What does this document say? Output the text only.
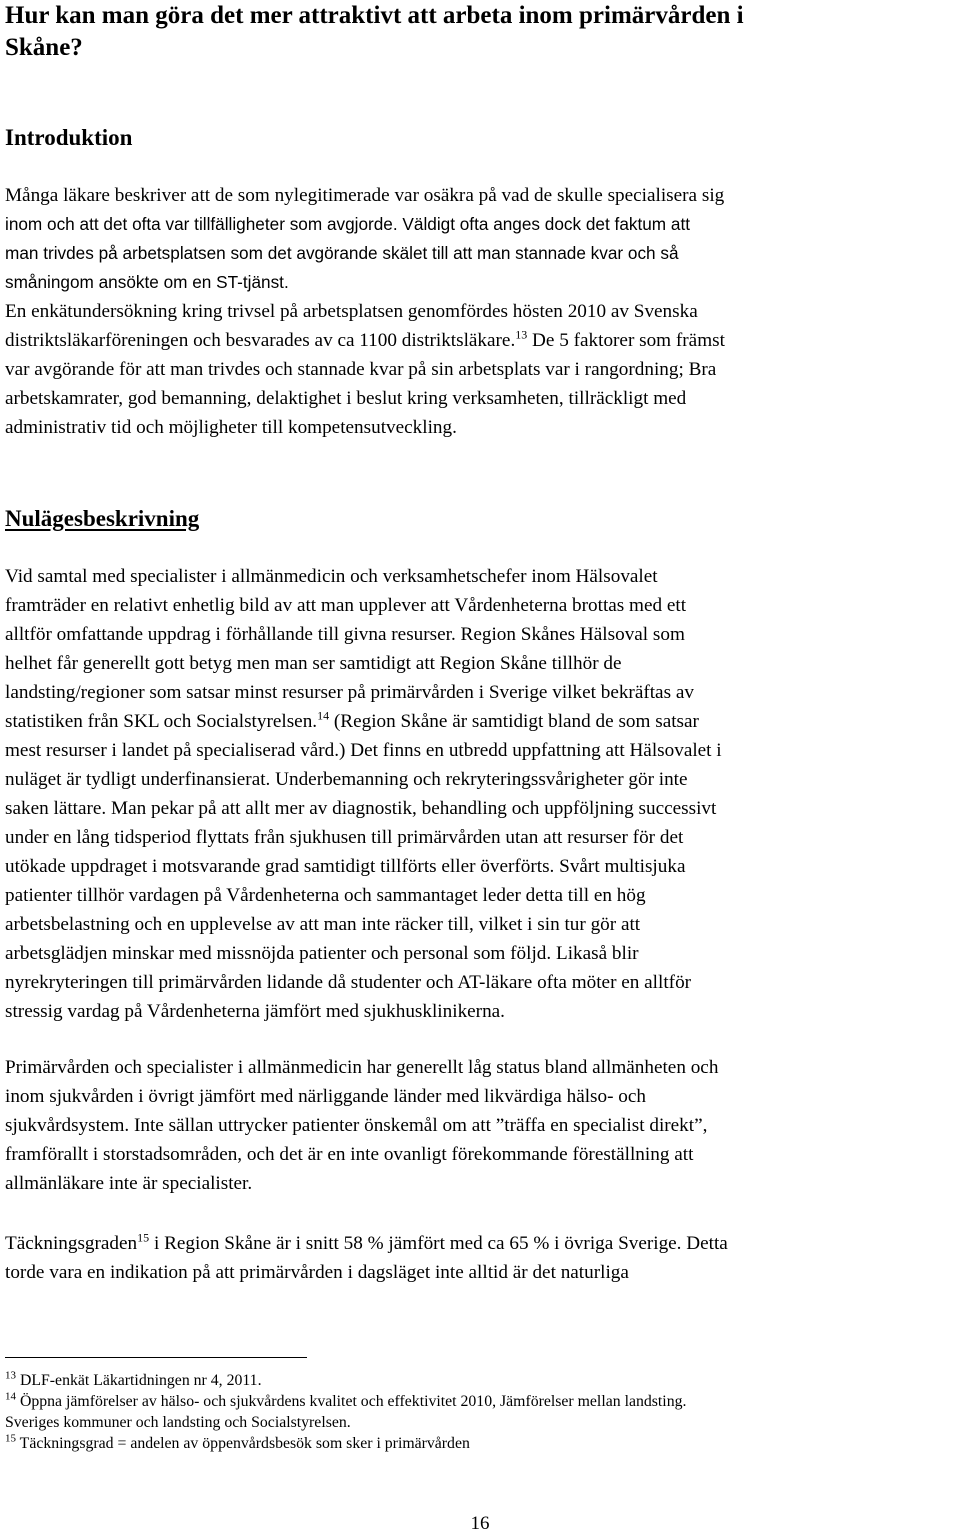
Hur kan man göra det mer attraktivt att arbeta inom primärvården i
Skåne?
Introduktion
Många läkare beskriver att de som nylegitimerade var osäkra på vad de skulle specialisera sig
inom och att det ofta var tillfälligheter som avgjorde. Väldigt ofta anges dock det faktum att
man trivdes på arbetsplatsen som det avgörande skälet till att man stannade kvar och så
småningom ansökte om en ST-tjänst.
En enkätundersökning kring trivsel på arbetsplatsen genomfördes hösten 2010 av Svenska
distriktsläkarföreningen och besvarades av ca 1100 distriktsläkare.$^{13}$ De 5 faktorer som främst
var avgörande för att man trivdes och stannade kvar på sin arbetsplats var i rangordning; Bra
arbetskamrater, god bemanning, delaktighet i beslut kring verksamheten, tillräckligt med
administrativ tid och möjligheter till kompetensutveckling.
Nulägesbeskrivning
Vid samtal med specialister i allmänmedicin och verksamhetschefer inom Hälsovalet
framträder en relativt enhetlig bild av att man upplever att Vårdenheterna brottas med ett
alltför omfattande uppdrag i förhållande till givna resurser. Region Skånes Hälsoval som
helhet får generellt gott betyg men man ser samtidigt att Region Skåne tillhör de
landsting/regioner som satsar minst resurser på primärvården i Sverige vilket bekräftas av
statistiken från SKL och Socialstyrelsen.$^{14}$ (Region Skåne är samtidigt bland de som satsar
mest resurser i landet på specialiserad vård.) Det finns en utbredd uppfattning att Hälsovalet i
nuläget är tydligt underfinansierat. Underbemanning och rekryteringssvårigheter gör inte
saken lättare. Man pekar på att allt mer av diagnostik, behandling och uppföljning successivt
under en lång tidsperiod flyttats från sjukhusen till primärvården utan att resurser för det
utökade uppdraget i motsvarande grad samtidigt tillförts eller överförts. Svårt multisjuka
patienter tillhör vardagen på Vårdenheterna och sammantaget leder detta till en hög
arbetsbelastning och en upplevelse av att man inte räcker till, vilket i sin tur gör att
arbetsglädjen minskar med missnöjda patienter och personal som följd. Likaså blir
nyrekryteringen till primärvården lidande då studenter och AT-läkare ofta möter en alltför
stressig vardag på Vårdenheterna jämfört med sjukhusklinikerna.
Primärvården och specialister i allmänmedicin har generellt låg status bland allmänheten och
inom sjukvården i övrigt jämfört med närliggande länder med likvärdiga hälso- och
sjukvårdsystem. Inte sällan uttrycker patienter önskemål om att ”träffa en specialist direkt”,
framförallt i storstadsområden, och det är en inte ovanligt förekommande föreställning att
allmänläkare inte är specialister.
Täckningsgraden$^{15}$ i Region Skåne är i snitt 58 % jämfört med ca 65 % i övriga Sverige. Detta
torde vara en indikation på att primärvården i dagsläget inte alltid är det naturliga
$^{13}$ DLF-enkät Läkartidningen nr 4, 2011.
$^{14}$ Öppna jämförelser av hälso- och sjukvårdens kvalitet och effektivitet 2010, Jämförelser mellan landsting.
Sveriges kommuner och landsting och Socialstyrelsen.
$^{15}$ Täckningsgrad = andelen av öppenvårdsbesök som sker i primärvården
16
